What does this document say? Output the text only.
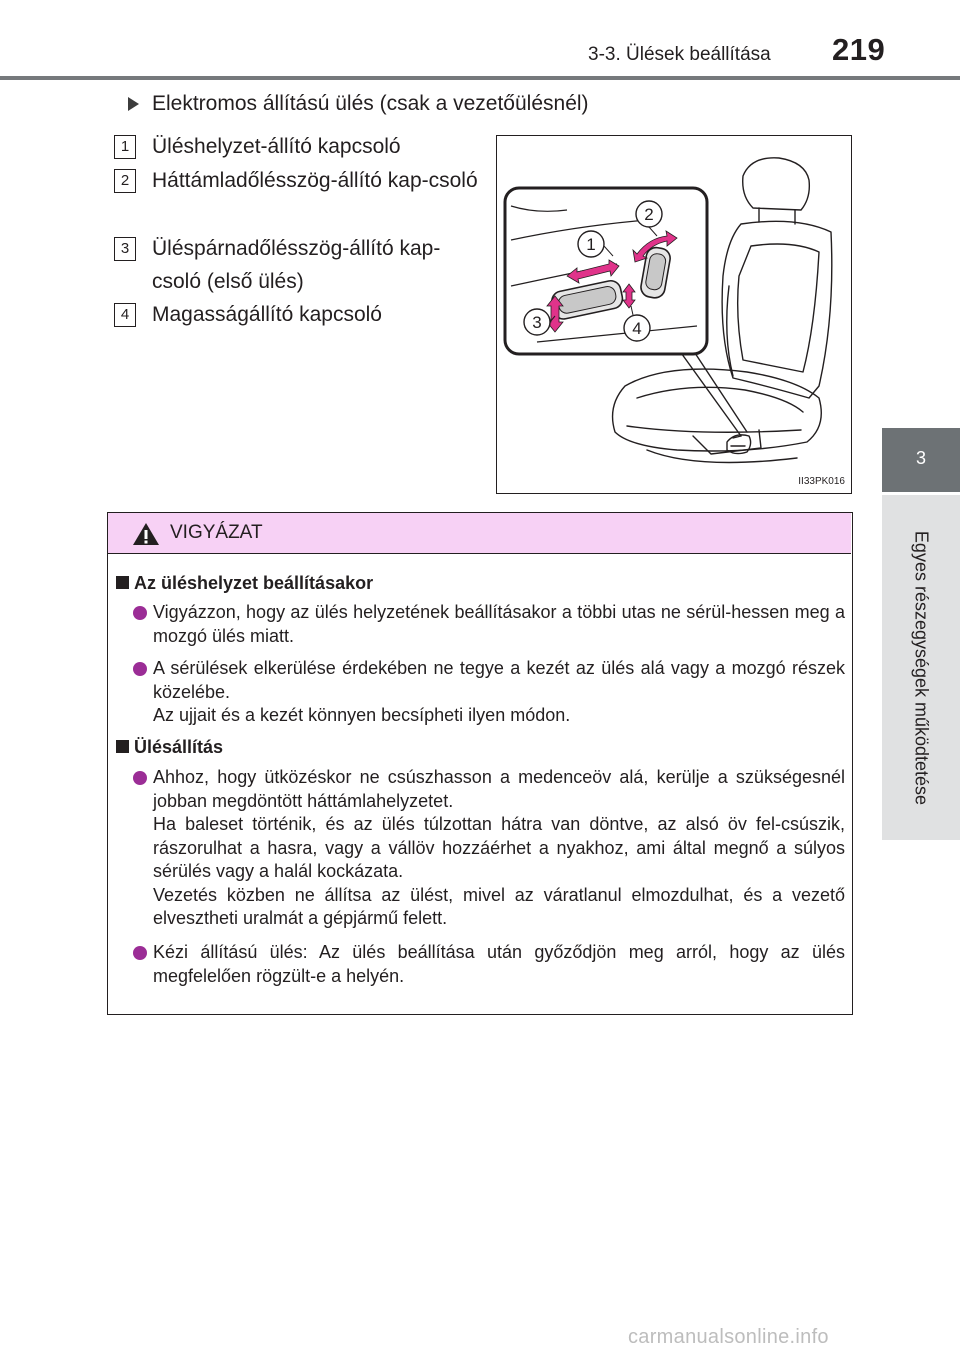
3-3. Ülések beállítása 219
3
Egyes részegységek működtetése
Elektromos állítású ülés (csak a vezetőülésnél)
1	Üléshelyzet-állító kapcsoló
2	Háttámladőlésszög-állító kap-csoló
3	Üléspárnadőlésszög-állító kap-csoló (első ülés)
4	Magasságállító kapcsoló
2
1
3	4
II33PK016
VIGYÁZAT
Az üléshelyzet beállításakor

Vigyázzon, hogy az ülés helyzetének beállításakor a többi utas ne sérül-hessen meg a mozgó ülés miatt.

A sérülések elkerülése érdekében ne tegye a kezét az ülés alá vagy a mozgó részek közelébe.

Az ujjait és a kezét könnyen becsípheti ilyen módon.

Ülésállítás

Ahhoz, hogy ütközéskor ne csúszhasson a medenceöv alá, kerülje a szükségesnél jobban megdöntött háttámlahelyzetet.

Ha baleset történik, és az ülés túlzottan hátra van döntve, az alsó öv fel-csúszik, rászorulhat a hasra, vagy a vállöv hozzáérhet a nyakhoz, ami által megnő a súlyos sérülés vagy a halál kockázata.

Vezetés közben ne állítsa az ülést, mivel az váratlanul elmozdulhat, és a vezető elvesztheti uralmát a gépjármű felett.

Kézi állítású ülés: Az ülés beállítása után győződjön meg arról, hogy az ülés megfelelően rögzült-e a helyén.

carmanualsonline.info
